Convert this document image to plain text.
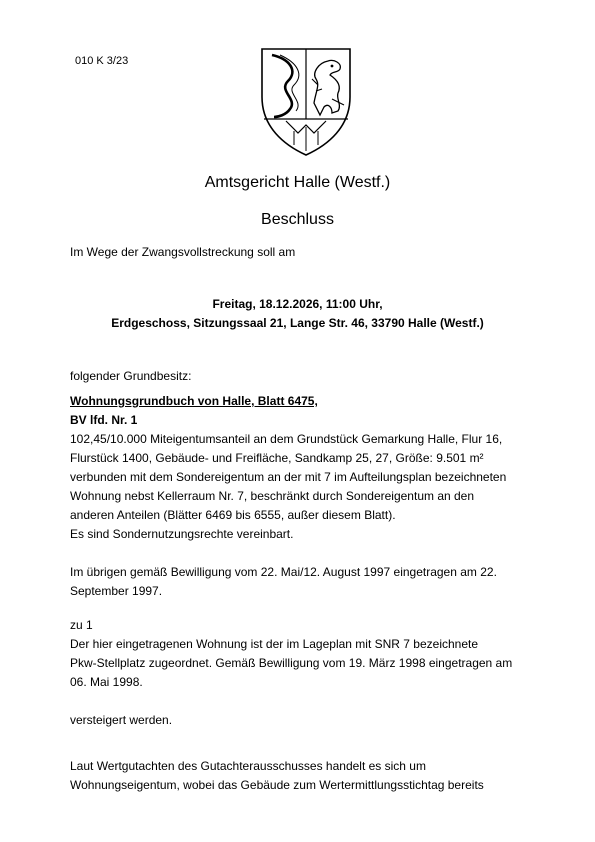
010 K 3/23
Amtsgericht Halle (Westf.)
Beschluss
Im Wege der Zwangsvollstreckung soll am
Freitag, 18.12.2026, 11:00 Uhr,
Erdgeschoss, Sitzungssaal 21, Lange Str. 46, 33790 Halle (Westf.)
folgender Grundbesitz:
Wohnungsgrundbuch von Halle, Blatt 6475,
BV lfd. Nr. 1
102,45/10.000 Miteigentumsanteil an dem Grundstück Gemarkung Halle, Flur 16,
Flurstück 1400, Gebäude- und Freifläche, Sandkamp 25, 27, Größe: 9.501 m²
verbunden mit dem Sondereigentum an der mit 7 im Aufteilungsplan bezeichneten
Wohnung nebst Kellerraum Nr. 7, beschränkt durch Sondereigentum an den
anderen Anteilen (Blätter 6469 bis 6555, außer diesem Blatt).
Es sind Sondernutzungsrechte vereinbart.
Im übrigen gemäß Bewilligung vom 22. Mai/12. August 1997 eingetragen am 22.
September 1997.
zu 1
Der hier eingetragenen Wohnung ist der im Lageplan mit SNR 7 bezeichnete
Pkw-Stellplatz zugeordnet. Gemäß Bewilligung vom 19. März 1998 eingetragen am
06. Mai 1998.
versteigert werden.
Laut Wertgutachten des Gutachterausschusses handelt es sich um
Wohnungseigentum, wobei das Gebäude zum Wertermittlungsstichtag bereits
